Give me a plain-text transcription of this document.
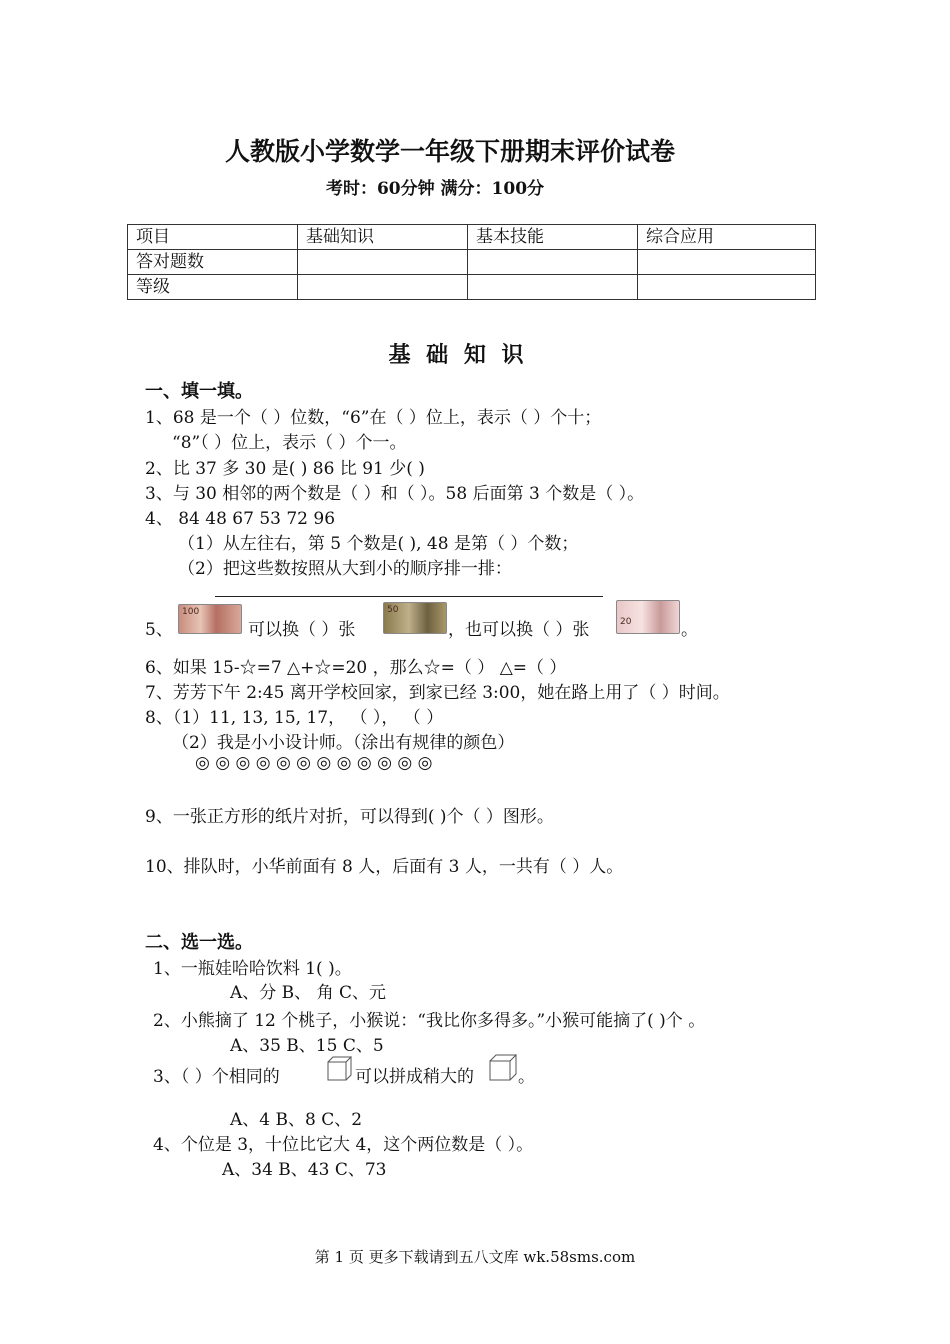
人教版小学数学一年级下册期末评价试卷
考时：60分钟 满分：100分
项目	基础知识	基本技能	综合应用
答对题数			
等级			
基 础 知 识
一、填一填。
1、68 是一个（ ）位数，“6”在（ ）位上，表示（ ）个十；
“8”（ ）位上，表示（ ）个一。
2、比 37 多 30 是( ) 86 比 91 少( )
3、与 30 相邻的两个数是（ ）和（ ）。58 后面第 3 个数是（ ）。
4、 84 48 67 53 72 96
（1）从左往右，第 5 个数是( ), 48 是第（ ）个数；
（2）把这些数按照从大到小的顺序排一排：
5、
100
可以换（ ）张
50
，也可以换（ ）张	20	。
6、如果 15-☆=7 △+☆=20 ，那么☆=（ ） △=（ ）
7、芳芳下午 2:45 离开学校回家，到家已经 3:00，她在路上用了（ ）时间。
8、（1）11, 13, 15, 17， （ ）， （ ）
（2）我是小小设计师。（涂出有规律的颜色）
◎ ◎ ◎ ◎ ◎ ◎ ◎ ◎ ◎ ◎ ◎ ◎
9、一张正方形的纸片对折，可以得到( )个（ ）图形。
10、排队时，小华前面有 8 人，后面有 3 人，一共有（ ）人。
二、选一选。
1、一瓶娃哈哈饮料 1( )。
A、分 B、 角 C、元
2、小熊摘了 12 个桃子，小猴说：“我比你多得多。”小猴可能摘了( )个 。
A、35 B、15 C、5
3、（ ）个相同的	可以拼成稍大的	。
A、4 B、8 C、2
4、个位是 3，十位比它大 4，这个两位数是（ ）。
A、34 B、43 C、73
第 1 页 更多下载请到五八文库 wk.58sms.com
